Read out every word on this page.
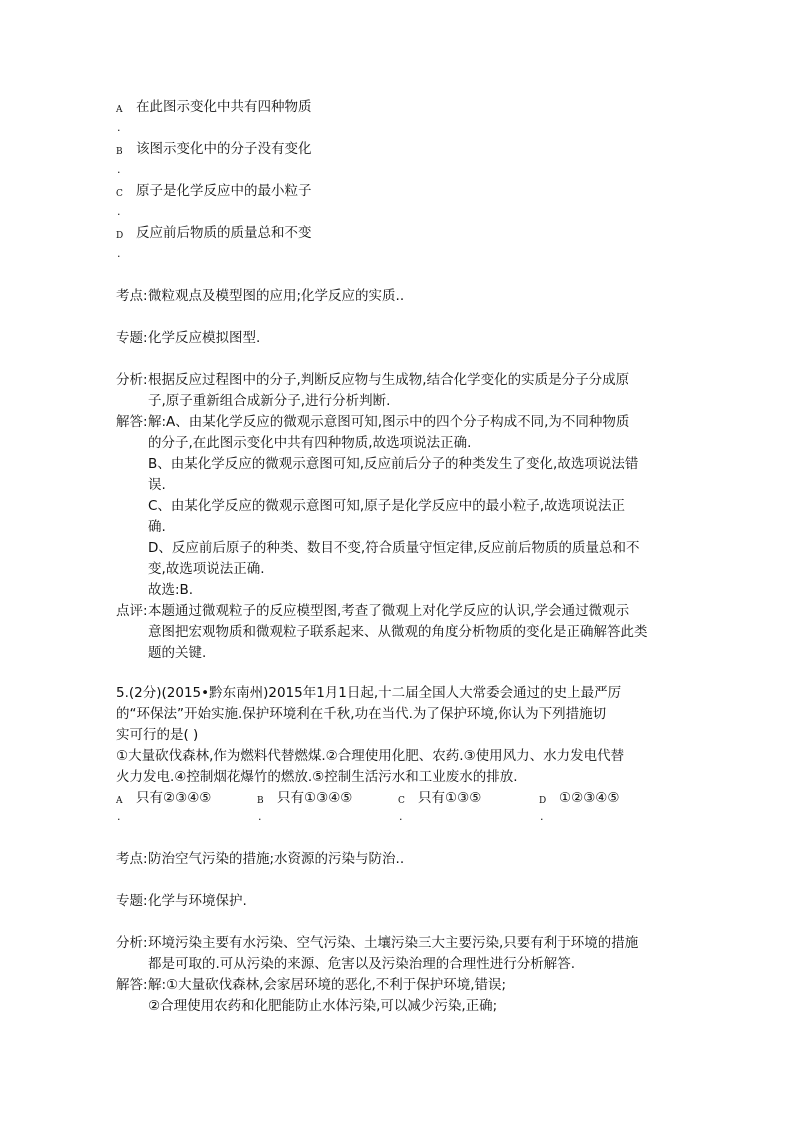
A 在此图示变化中共有四种物质
.
B 该图示变化中的分子没有变化
.
C 原子是化学反应中的最小粒子
.
D 反应前后物质的质量总和不变
.
考点: 微粒观点及模型图的应用;化学反应的实质..
专题: 化学反应模拟图型.
分析: 根据反应过程图中的分子,判断反应物与生成物,结合化学变化的实质是分子分成原
子,原子重新组合成新分子,进行分析判断.
解答: 解:A、由某化学反应的微观示意图可知,图示中的四个分子构成不同,为不同种物质
的分子,在此图示变化中共有四种物质,故选项说法正确.
B、由某化学反应的微观示意图可知,反应前后分子的种类发生了变化,故选项说法错
误.
C、由某化学反应的微观示意图可知,原子是化学反应中的最小粒子,故选项说法正
确.
D、反应前后原子的种类、数目不变,符合质量守恒定律,反应前后物质的质量总和不
变,故选项说法正确.
故选:B.
点评: 本题通过微观粒子的反应模型图,考查了微观上对化学反应的认识,学会通过微观示
意图把宏观物质和微观粒子联系起来、从微观的角度分析物质的变化是正确解答此类
题的关键.
5.(2分)(2015•黔东南州)2015年1月1日起,十二届全国人大常委会通过的史上最严厉
的“环保法”开始实施.保护环境利在千秋,功在当代.为了保护环境,你认为下列措施切
实可行的是( )
①大量砍伐森林,作为燃料代替燃煤.②合理使用化肥、农药.③使用风力、水力发电代替
火力发电.④控制烟花爆竹的燃放.⑤控制生活污水和工业废水的排放.
A 只有②③④⑤
.
B 只有①③④⑤
.
C 只有①③⑤
.
D ①②③④⑤
.
考点: 防治空气污染的措施;水资源的污染与防治..
专题: 化学与环境保护.
分析: 环境污染主要有水污染、空气污染、土壤污染三大主要污染,只要有利于环境的措施
都是可取的.可从污染的来源、危害以及污染治理的合理性进行分析解答.
解答: 解:①大量砍伐森林,会家居环境的恶化,不利于保护环境,错误;
②合理使用农药和化肥能防止水体污染,可以减少污染,正确;
